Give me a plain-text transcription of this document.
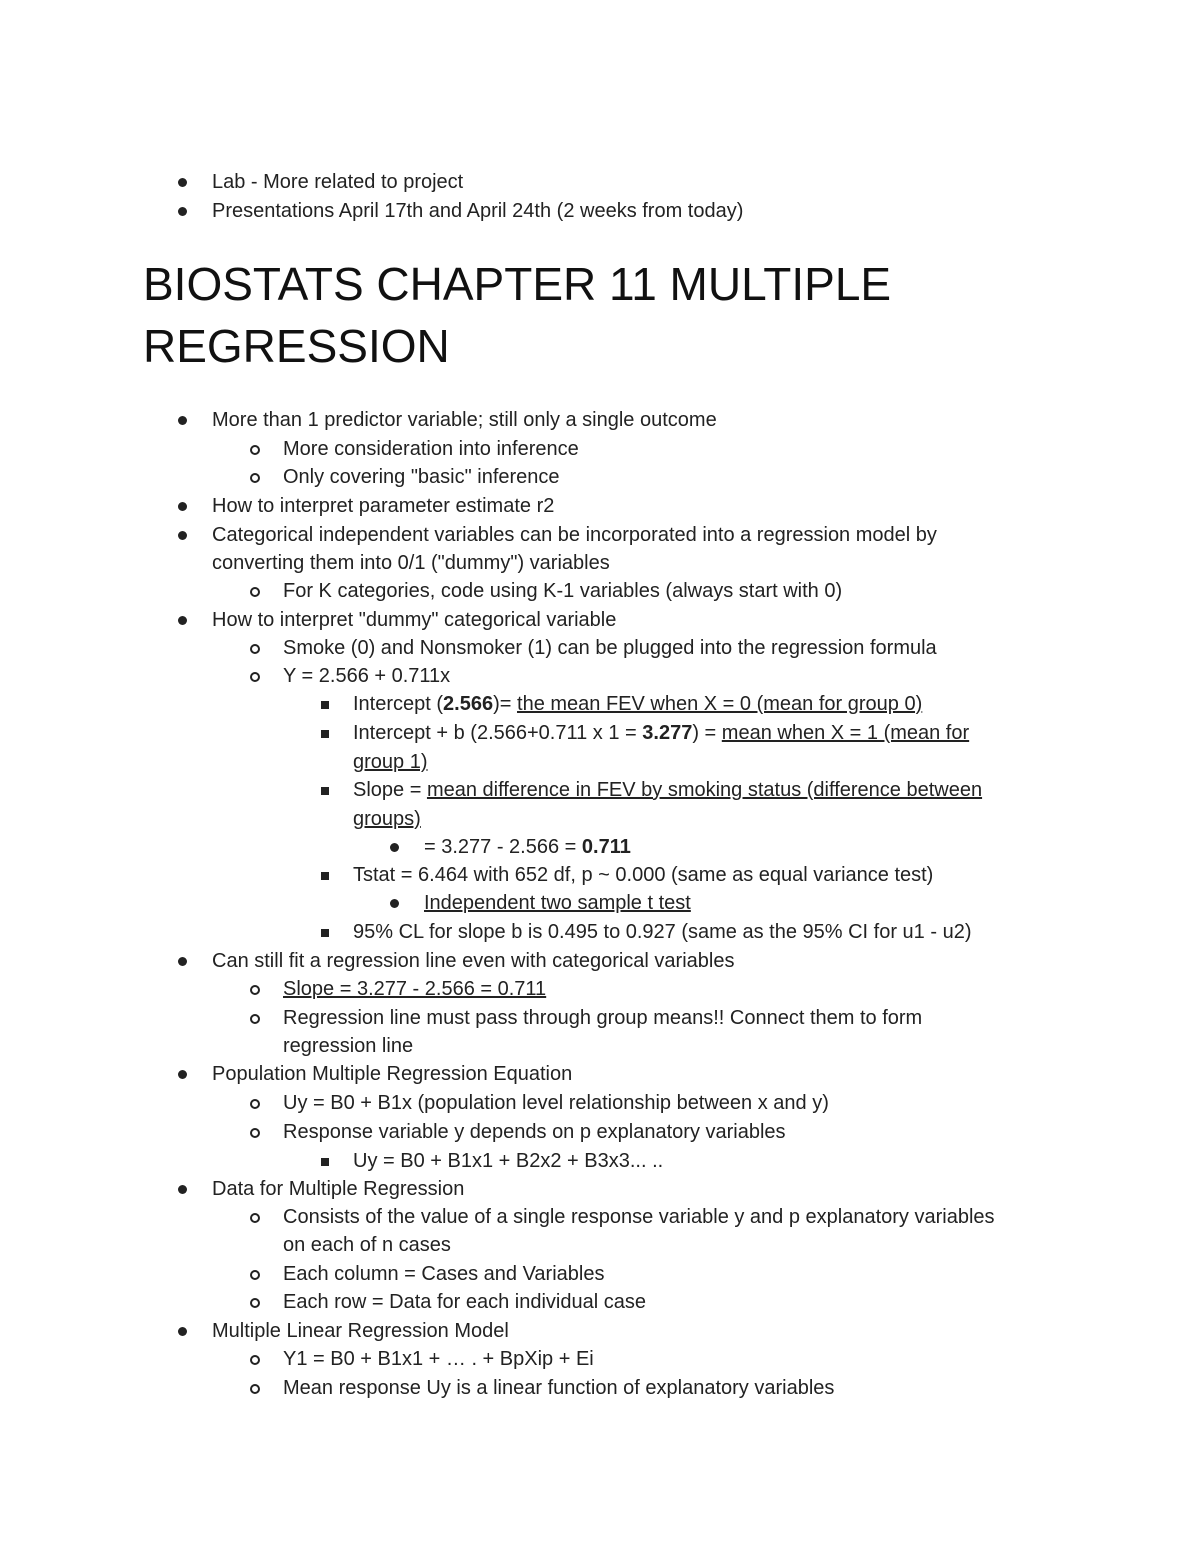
Lab - More related to project
Presentations April 17th and April 24th (2 weeks from today)
BIOSTATS CHAPTER 11 MULTIPLE
REGRESSION
More than 1 predictor variable; still only a single outcome
More consideration into inference
Only covering "basic" inference
How to interpret parameter estimate r2
Categorical independent variables can be incorporated into a regression model by
converting them into 0/1 ("dummy") variables
For K categories, code using K-1 variables (always start with 0)
How to interpret "dummy" categorical variable
Smoke (0) and Nonsmoker (1) can be plugged into the regression formula
Y = 2.566 + 0.711x
Intercept (2.566)= the mean FEV when X = 0 (mean for group 0)
Intercept + b (2.566+0.711 x 1 = 3.277) = mean when X = 1 (mean for
group 1)
Slope = mean difference in FEV by smoking status (difference between
groups)
= 3.277 - 2.566 = 0.711
Tstat = 6.464 with 652 df, p ~ 0.000 (same as equal variance test)
Independent two sample t test
95% CL for slope b is 0.495 to 0.927 (same as the 95% CI for u1 - u2)
Can still fit a regression line even with categorical variables
Slope = 3.277 - 2.566 = 0.711
Regression line must pass through group means!! Connect them to form
regression line
Population Multiple Regression Equation
Uy = B0 + B1x (population level relationship between x and y)
Response variable y depends on p explanatory variables
Uy = B0 + B1x1 + B2x2 + B3x3... ..
Data for Multiple Regression
Consists of the value of a single response variable y and p explanatory variables
on each of n cases
Each column = Cases and Variables
Each row = Data for each individual case
Multiple Linear Regression Model
Y1 = B0 + B1x1 + … . + BpXip + Ei
Mean response Uy is a linear function of explanatory variables
